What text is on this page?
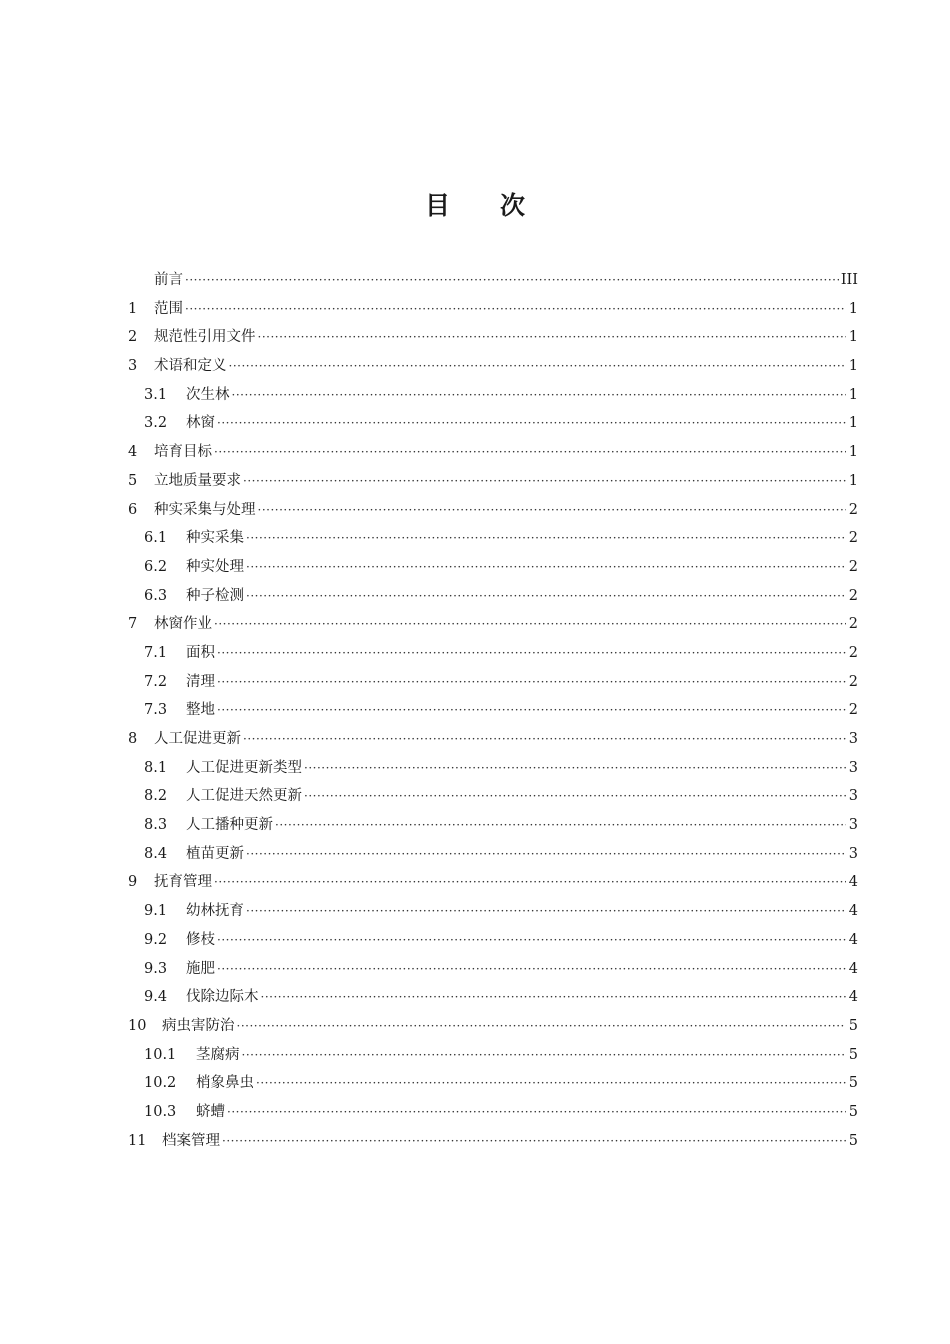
目 次
前言 ·····	III
1	范围 ·····	1
2	规范性引用文件 ·····	1
3	术语和定义 ·····	1
3.1	次生林 ·····	1
3.2	林窗 ·····	1
4	培育目标 ·····	1
5	立地质量要求 ·····	1
6	种实采集与处理 ·····	2
6.1	种实采集 ·····	2
6.2	种实处理 ·····	2
6.3	种子检测 ·····	2
7	林窗作业 ·····	2
7.1	面积 ·····	2
7.2	清理 ·····	2
7.3	整地 ·····	2
8	人工促进更新 ·····	3
8.1	人工促进更新类型 ·····	3
8.2	人工促进天然更新 ·····	3
8.3	人工播种更新 ·····	3
8.4	植苗更新 ·····	3
9	抚育管理 ·····	4
9.1	幼林抚育 ·····	4
9.2	修枝 ·····	4
9.3	施肥 ·····	4
9.4	伐除边际木 ·····	4
10	病虫害防治 ·····	5
10.1	茎腐病 ·····	5
10.2	梢象鼻虫 ·····	5
10.3	蛴螬 ·····	5
11	档案管理 ·····	5
